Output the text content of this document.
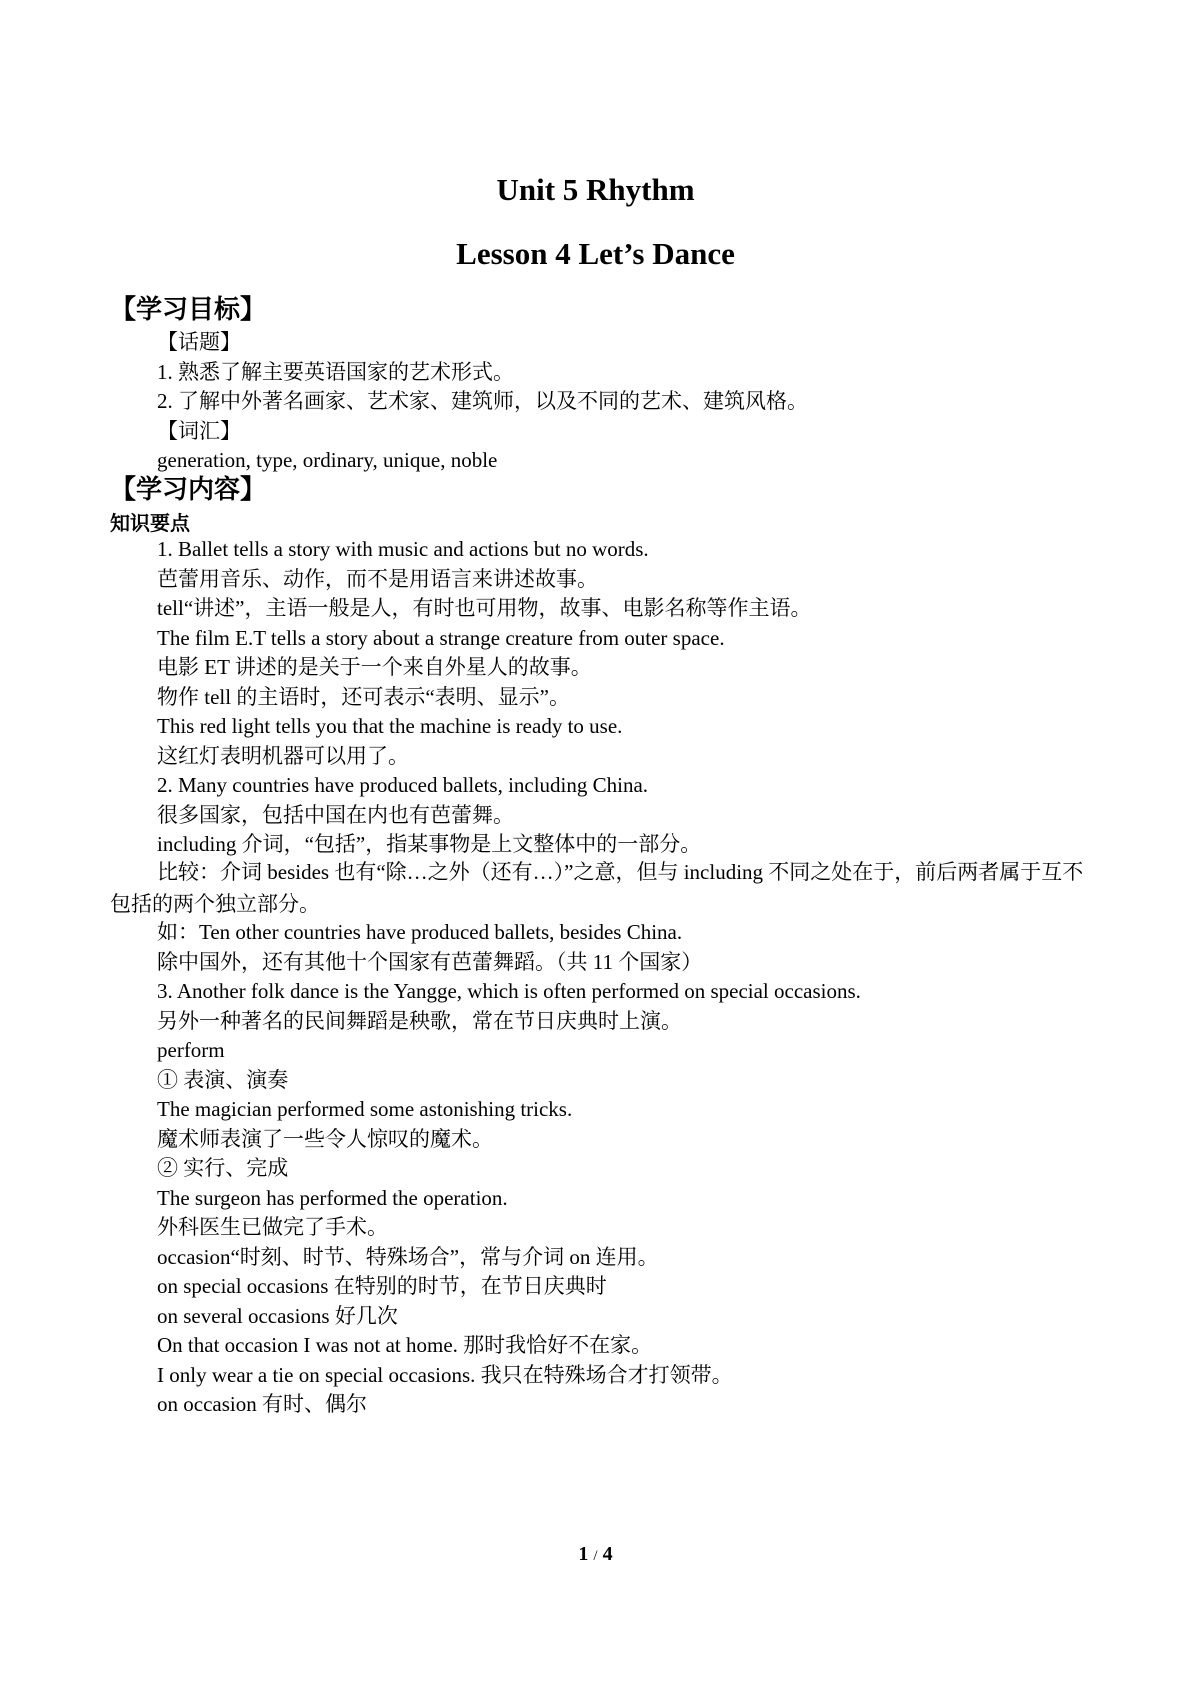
Unit 5 Rhythm
Lesson 4 Let’s Dance
【学习目标】
【话题】
1. 熟悉了解主要英语国家的艺术形式。
2. 了解中外著名画家、艺术家、建筑师，以及不同的艺术、建筑风格。
【词汇】
generation, type, ordinary, unique, noble
【学习内容】
知识要点
1. Ballet tells a story with music and actions but no words.
芭蕾用音乐、动作，而不是用语言来讲述故事。
tell“讲述”，主语一般是人，有时也可用物，故事、电影名称等作主语。
The film E.T tells a story about a strange creature from outer space.
电影 ET 讲述的是关于一个来自外星人的故事。
物作 tell 的主语时，还可表示“表明、显示”。
This red light tells you that the machine is ready to use.
这红灯表明机器可以用了。
2. Many countries have produced ballets, including China.
很多国家，包括中国在内也有芭蕾舞。
including 介词，“包括”，指某事物是上文整体中的一部分。
比较：介词 besides 也有“除…之外（还有…）”之意，但与 including 不同之处在于，前后两者属于互不包括的两个独立部分。
如：Ten other countries have produced ballets, besides China.
除中国外，还有其他十个国家有芭蕾舞蹈。（共 11 个国家）
3. Another folk dance is the Yangge, which is often performed on special occasions.
另外一种著名的民间舞蹈是秧歌，常在节日庆典时上演。
perform
① 表演、演奏
The magician performed some astonishing tricks.
魔术师表演了一些令人惊叹的魔术。
② 实行、完成
The surgeon has performed the operation.
外科医生已做完了手术。
occasion“时刻、时节、特殊场合”，常与介词 on 连用。
on special occasions 在特别的时节，在节日庆典时
on several occasions 好几次
On that occasion I was not at home. 那时我恰好不在家。
I only wear a tie on special occasions. 我只在特殊场合才打领带。
on occasion 有时、偶尔
1 / 4
